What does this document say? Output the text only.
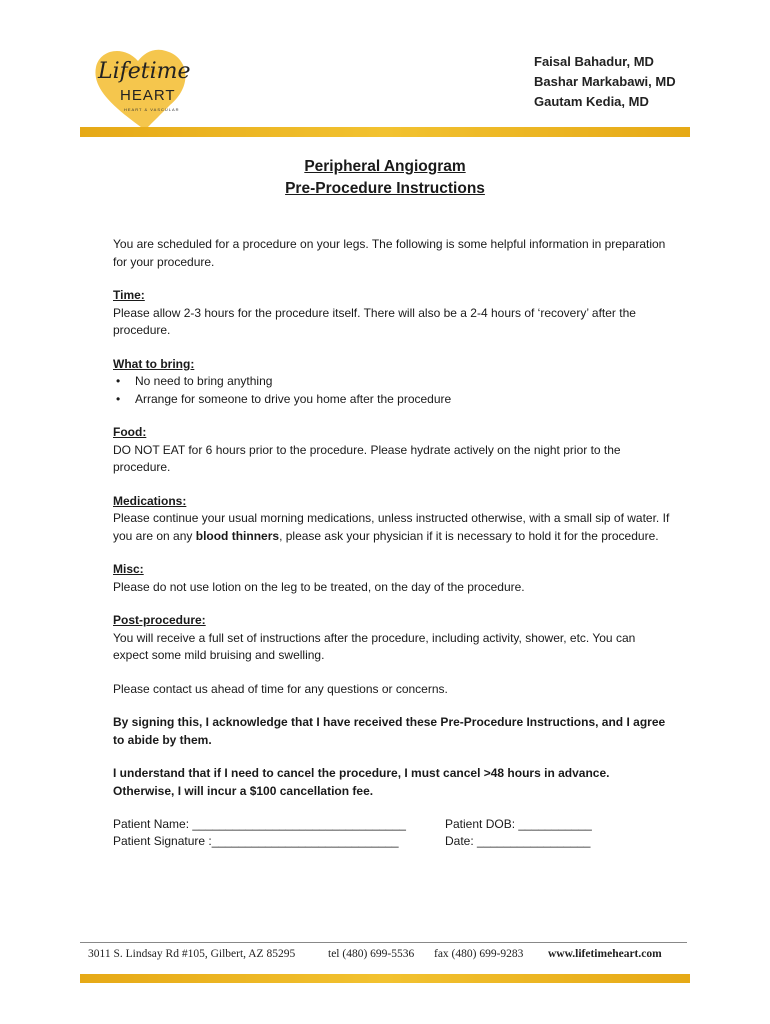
Lifetime
HEART
HEART & VASCULAR
Faisal Bahadur, MD
Bashar Markabawi, MD
Gautam Kedia, MD
Peripheral Angiogram
Pre-Procedure Instructions

You are scheduled for a procedure on your legs. The following is some helpful information in preparation for your procedure.

Time:
Please allow 2-3 hours for the procedure itself. There will also be a 2-4 hours of ‘recovery’ after the procedure.

What to bring:
• No need to bring anything
• Arrange for someone to drive you home after the procedure

Food:
DO NOT EAT for 6 hours prior to the procedure. Please hydrate actively on the night prior to the procedure.

Medications:
Please continue your usual morning medications, unless instructed otherwise, with a small sip of water. If you are on any blood thinners, please ask your physician if it is necessary to hold it for the procedure.

Misc:
Please do not use lotion on the leg to be treated, on the day of the procedure.

Post-procedure:
You will receive a full set of instructions after the procedure, including activity, shower, etc. You can expect some mild bruising and swelling.

Please contact us ahead of time for any questions or concerns.

By signing this, I acknowledge that I have received these Pre-Procedure Instructions, and I agree to abide by them.

I understand that if I need to cancel the procedure, I must cancel >48 hours in advance. Otherwise, I will incur a $100 cancellation fee.

Patient Name: ________________________________	Patient DOB: ___________
Patient Signature :____________________________	Date: _________________
3011 S. Lindsay Rd #105, Gilbert, AZ 85295	tel (480) 699-5536 fax (480) 699-9283 www.lifetimeheart.com
